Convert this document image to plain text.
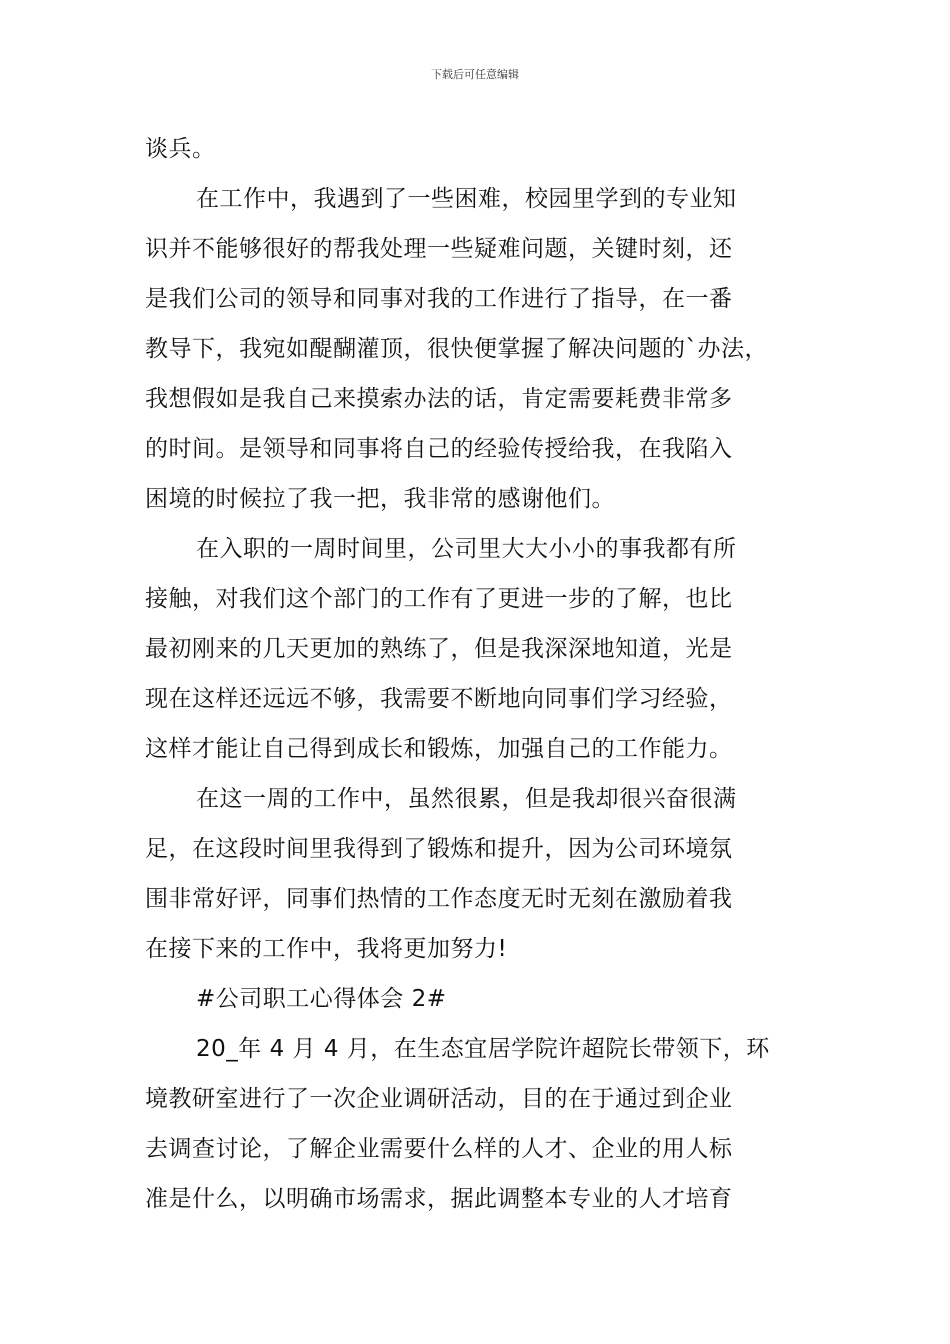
下载后可任意编辑
谈兵。
在工作中，我遇到了一些困难，校园里学到的专业知
识并不能够很好的帮我处理一些疑难问题，关键时刻，还
是我们公司的领导和同事对我的工作进行了指导，在一番
教导下，我宛如醍醐灌顶，很快便掌握了解决问题的`办法，
我想假如是我自己来摸索办法的话，肯定需要耗费非常多
的时间。是领导和同事将自己的经验传授给我，在我陷入
困境的时候拉了我一把，我非常的感谢他们。
在入职的一周时间里，公司里大大小小的事我都有所
接触，对我们这个部门的工作有了更进一步的了解，也比
最初刚来的几天更加的熟练了，但是我深深地知道，光是
现在这样还远远不够，我需要不断地向同事们学习经验，
这样才能让自己得到成长和锻炼，加强自己的工作能力。
在这一周的工作中，虽然很累，但是我却很兴奋很满
足，在这段时间里我得到了锻炼和提升，因为公司环境氛
围非常好评，同事们热情的工作态度无时无刻在激励着我
在接下来的工作中，我将更加努力!
#公司职工心得体会 2#
20_年 4 月 4 月，在生态宜居学院许超院长带领下，环
境教研室进行了一次企业调研活动，目的在于通过到企业
去调查讨论，了解企业需要什么样的人才、企业的用人标
准是什么，以明确市场需求，据此调整本专业的人才培育
